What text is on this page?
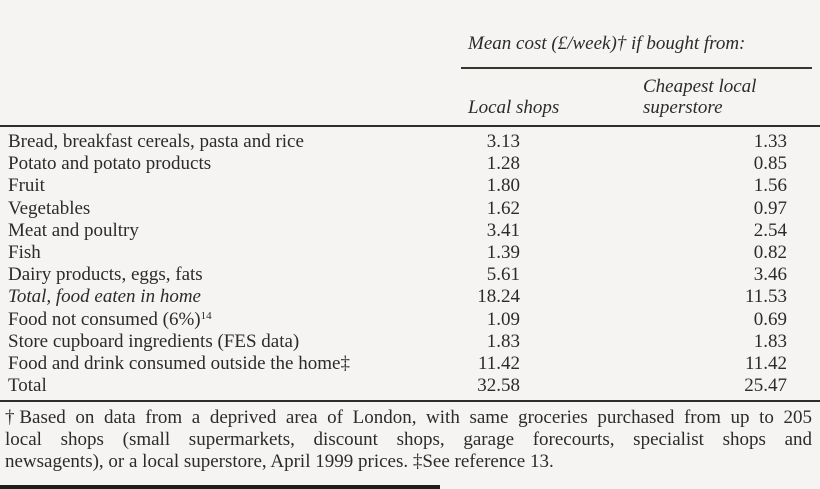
Mean cost (£/week)† if bought from:
Local shops
Cheapest local superstore
Bread, breakfast cereals, pasta and rice	3.13	1.33
Potato and potato products	1.28	0.85
Fruit	1.80	1.56
Vegetables	1.62	0.97
Meat and poultry	3.41	2.54
Fish	1.39	0.82
Dairy products, eggs, fats	5.61	3.46
Total, food eaten in home	18.24	11.53
Food not consumed $(6\%)^{14}$	1.09	0.69
Store cupboard ingredients (FES data)	1.83	1.83
Food and drink consumed outside the home‡	11.42	11.42
Total	32.58	25.47
†Based on data from a deprived area of London, with same groceries purchased from up to 205
local shops (small supermarkets, discount shops, garage forecourts, specialist shops and
newsagents), or a local superstore, April 1999 prices. ‡See reference 13.
